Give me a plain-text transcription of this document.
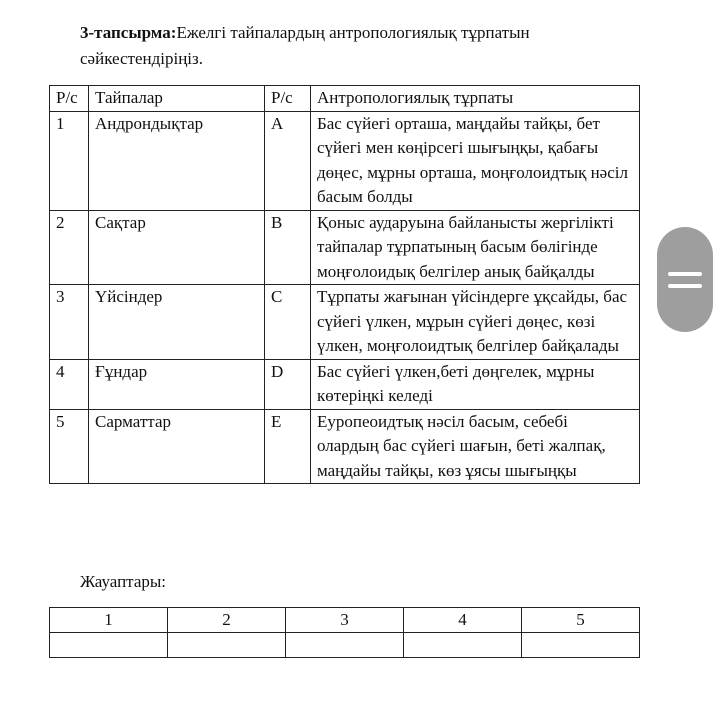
3-тапсырма:Ежелгі тайпалардың антропологиялық тұрпатын сәйкестендіріңіз.
Р/с	Тайпалар	Р/с	Антропологиялық тұрпаты
1	Андрондықтар	A	Бас сүйегі орташа, маңдайы тайқы, бет сүйегі мен көңірсегі шығыңқы, қабағы дөңес, мұрны орташа, моңғолоидтық нәсіл басым болды
2	Сақтар	B	Қоныс аударуына байланысты жергілікті тайпалар тұрпатының басым бөлігінде моңғолоидық белгілер анық байқалды
3	Үйсіндер	C	Тұрпаты жағынан үйсіндерге ұқсайды, бас сүйегі үлкен, мұрын сүйегі дөңес, көзі үлкен, моңғолоидтық белгілер байқалады
4	Ғұндар	D	Бас сүйегі үлкен,беті дөңгелек, мұрны көтеріңкі келеді
5	Сарматтар	E	Еуропеоидтық нәсіл басым, себебі олардың бас сүйегі шағын, беті жалпақ, маңдайы тайқы, көз ұясы шығыңқы
Жауаптары:
1	2	3	4	5
